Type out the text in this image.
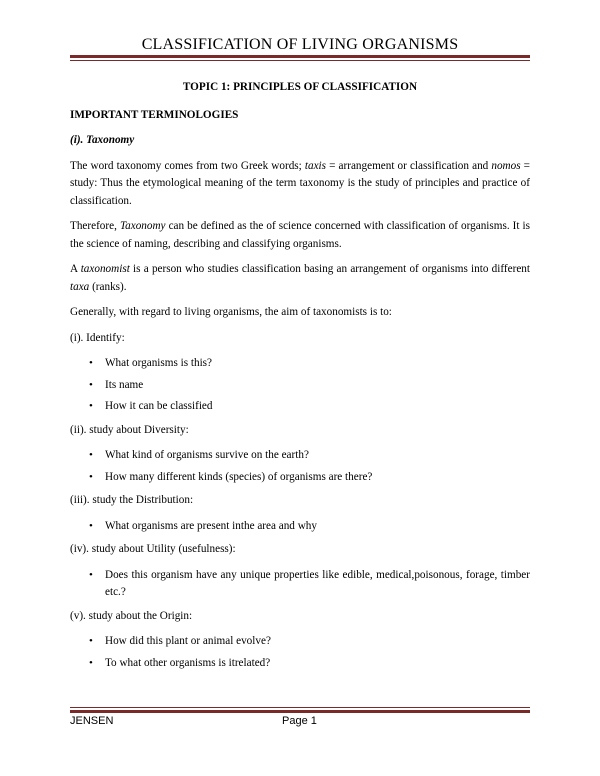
CLASSIFICATION OF LIVING ORGANISMS
TOPIC 1: PRINCIPLES OF CLASSIFICATION
IMPORTANT TERMINOLOGIES
(i). Taxonomy

The word taxonomy comes from two Greek words; taxis = arrangement or classification and nomos = study: Thus the etymological meaning of the term taxonomy is the study of principles and practice of classification.

Therefore, Taxonomy can be defined as the of science concerned with classification of organisms. It is the science of naming, describing and classifying organisms.

A taxonomist is a person who studies classification basing an arrangement of organisms into different taxa (ranks).

Generally, with regard to living organisms, the aim of taxonomists is to:

(i). Identify:
• What organisms is this?
• Its name
• How it can be classified
(ii). study about Diversity:
• What kind of organisms survive on the earth?
• How many different kinds (species) of organisms are there?
(iii). study the Distribution:
• What organisms are present inthe area and why
(iv). study about Utility (usefulness):
• Does this organism have any unique properties like edible, medical,poisonous, forage, timber etc.?
(v). study about the Origin:
• How did this plant or animal evolve?
• To what other organisms is itrelated?
JENSEN	Page 1
